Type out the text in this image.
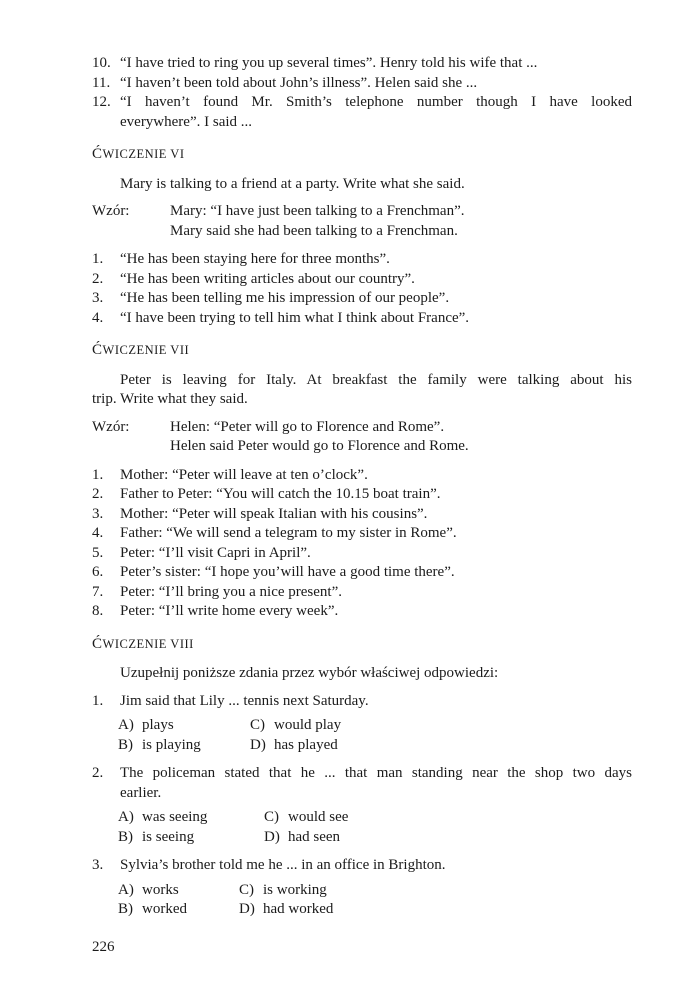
10. “I have tried to ring you up several times”. Henry told his wife that ...
11. “I haven’t been told about John’s illness”. Helen said she ...
12. “I haven’t found Mr. Smith’s telephone number though I have looked
everywhere”. I said ...
ĆWICZENIE VI

Mary is talking to a friend at a party. Write what she said.

Wzór:	Mary: “I have just been talking to a Frenchman”.
Mary said she had been talking to a Frenchman.
1.	“He has been staying here for three months”.
2.	“He has been writing articles about our country”.
3.	“He has been telling me his impression of our people”.
4.	“I have been trying to tell him what I think about France”.
ĆWICZENIE VII
Peter is leaving for Italy. At breakfast the family were talking about his
trip. Write what they said.
Wzór:	Helen: “Peter will go to Florence and Rome”.
Helen said Peter would go to Florence and Rome.
1.	Mother: “Peter will leave at ten o’clock”.
2.	Father to Peter: “You will catch the 10.15 boat train”.
3.	Mother: “Peter will speak Italian with his cousins”.
4.	Father: “We will send a telegram to my sister in Rome”.
5.	Peter: “I’ll visit Capri in April”.
6.	Peter’s sister: “I hope you’will have a good time there”.
7.	Peter: “I’ll bring you a nice present”.
8.	Peter: “I’ll write home every week”.
ĆWICZENIE VIII

Uzupełnij poniższe zdania przez wybór właściwej odpowiedzi:

1.	Jim said that Lily ... tennis next Saturday.
A) plays	C) would play
B) is playing	D) has played
2.	The policeman stated that he ... that man standing near the shop two days
earlier.
A) was seeing	C) would see
B) is seeing	D) had seen
3.	Sylvia’s brother told me he ... in an office in Brighton.
A) works	C) is working
B) worked	D) had worked
226
